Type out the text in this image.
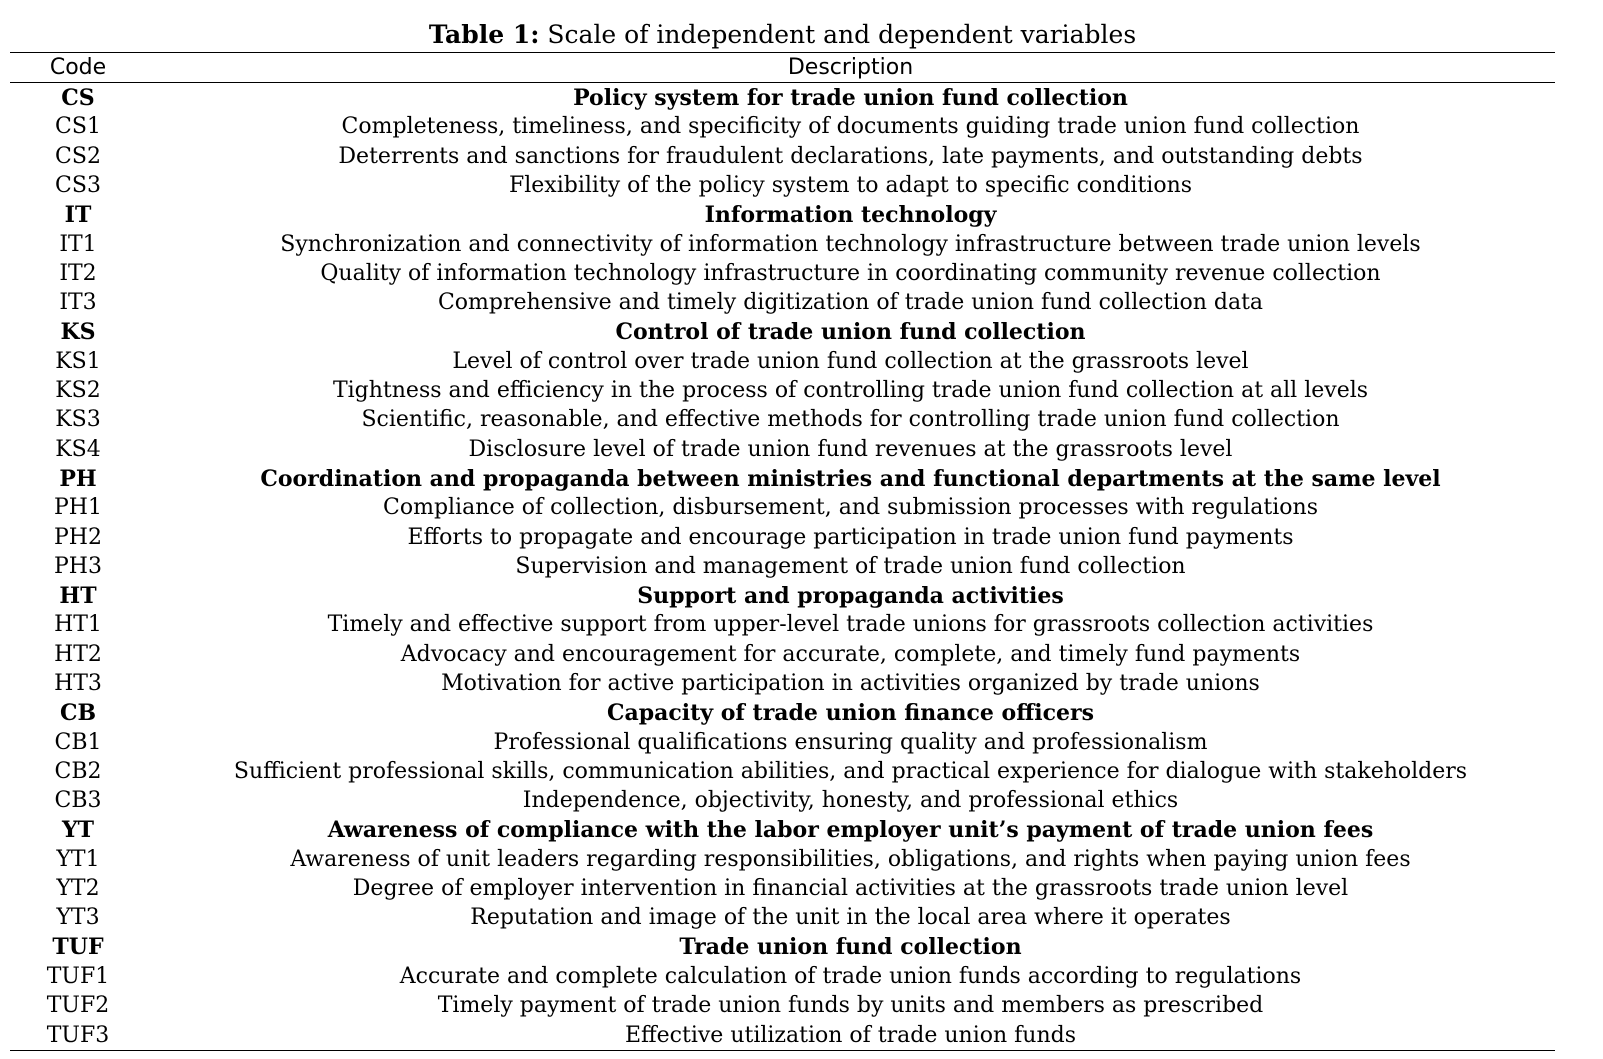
Table 1: Scale of independent and dependent variables
Code	Description
CS	Policy system for trade union fund collection
CS1	Completeness, timeliness, and specificity of documents guiding trade union fund collection
CS2	Deterrents and sanctions for fraudulent declarations, late payments, and outstanding debts
CS3	Flexibility of the policy system to adapt to specific conditions
IT	Information technology
IT1	Synchronization and connectivity of information technology infrastructure between trade union levels
IT2	Quality of information technology infrastructure in coordinating community revenue collection
IT3	Comprehensive and timely digitization of trade union fund collection data
KS	Control of trade union fund collection
KS1	Level of control over trade union fund collection at the grassroots level
KS2	Tightness and efficiency in the process of controlling trade union fund collection at all levels
KS3	Scientific, reasonable, and effective methods for controlling trade union fund collection
KS4	Disclosure level of trade union fund revenues at the grassroots level
PH	Coordination and propaganda between ministries and functional departments at the same level
PH1	Compliance of collection, disbursement, and submission processes with regulations
PH2	Efforts to propagate and encourage participation in trade union fund payments
PH3	Supervision and management of trade union fund collection
HT	Support and propaganda activities
HT1	Timely and effective support from upper-level trade unions for grassroots collection activities
HT2	Advocacy and encouragement for accurate, complete, and timely fund payments
HT3	Motivation for active participation in activities organized by trade unions
CB	Capacity of trade union finance officers
CB1	Professional qualifications ensuring quality and professionalism
CB2	Sufficient professional skills, communication abilities, and practical experience for dialogue with stakeholders
CB3	Independence, objectivity, honesty, and professional ethics
YT	Awareness of compliance with the labor employer unit’s payment of trade union fees
YT1	Awareness of unit leaders regarding responsibilities, obligations, and rights when paying union fees
YT2	Degree of employer intervention in financial activities at the grassroots trade union level
YT3	Reputation and image of the unit in the local area where it operates
TUF	Trade union fund collection
TUF1	Accurate and complete calculation of trade union funds according to regulations
TUF2	Timely payment of trade union funds by units and members as prescribed
TUF3	Effective utilization of trade union funds
